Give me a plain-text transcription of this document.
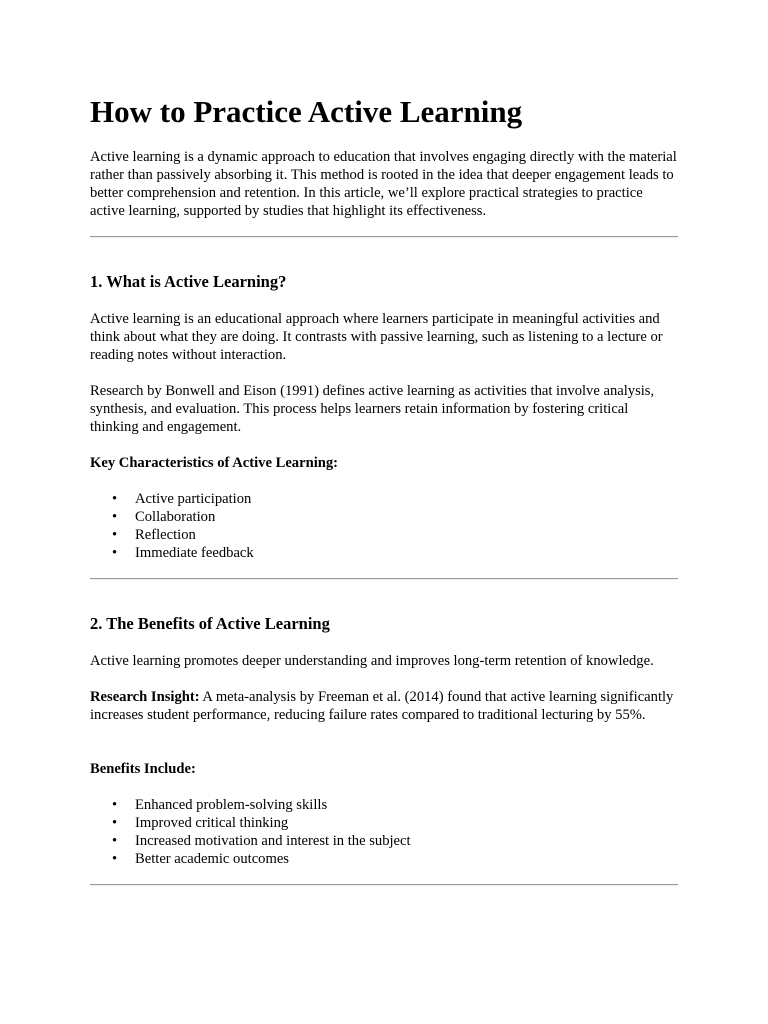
How to Practice Active Learning

Active learning is a dynamic approach to education that involves engaging directly with the material rather than passively absorbing it. This method is rooted in the idea that deeper engagement leads to better comprehension and retention. In this article, we’ll explore practical strategies to practice active learning, supported by studies that highlight its effectiveness.

1. What is Active Learning?

Active learning is an educational approach where learners participate in meaningful activities and think about what they are doing. It contrasts with passive learning, such as listening to a lecture or reading notes without interaction.

Research by Bonwell and Eison (1991) defines active learning as activities that involve analysis, synthesis, and evaluation. This process helps learners retain information by fostering critical thinking and engagement.

Key Characteristics of Active Learning:

• Active participation
• Collaboration
• Reflection
• Immediate feedback
2. The Benefits of Active Learning

Active learning promotes deeper understanding and improves long-term retention of knowledge.

Research Insight: A meta-analysis by Freeman et al. (2014) found that active learning significantly increases student performance, reducing failure rates compared to traditional lecturing by 55%.

Benefits Include:

• Enhanced problem-solving skills
• Improved critical thinking
• Increased motivation and interest in the subject
• Better academic outcomes
